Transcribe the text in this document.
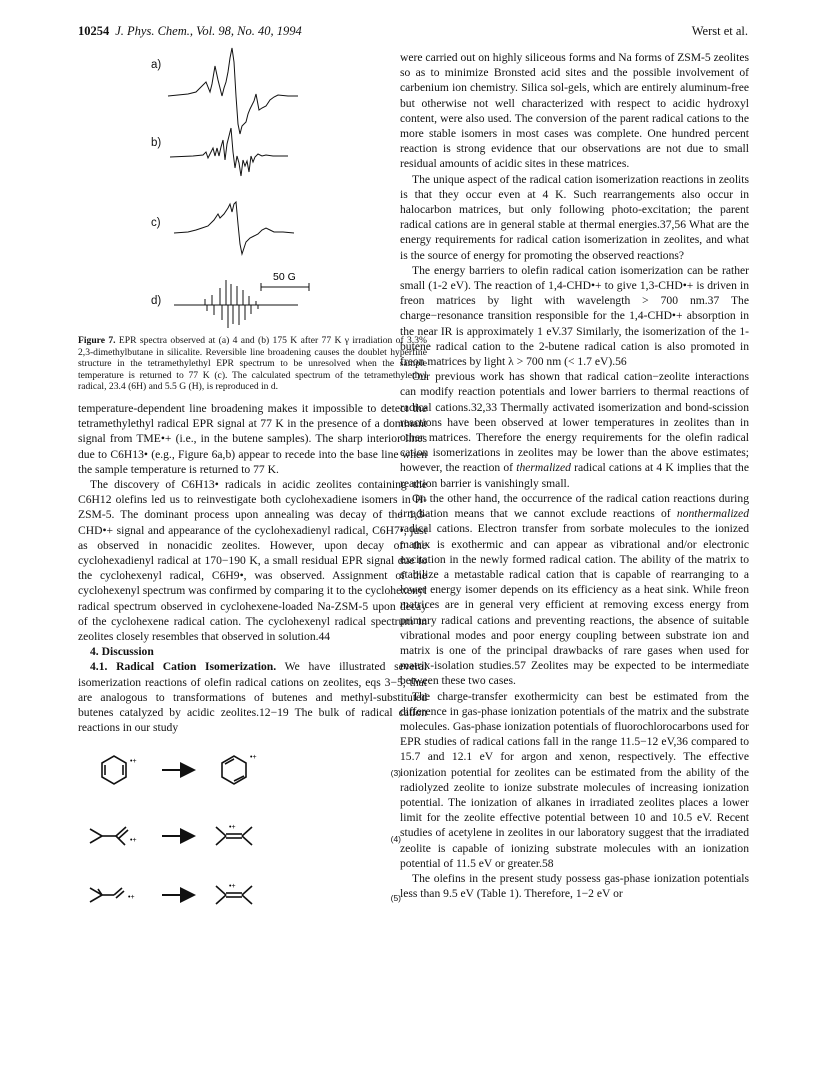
10254 J. Phys. Chem., Vol. 98, No. 40, 1994	Werst et al.
a)
b)
c)
d)
50 G
Figure 7. EPR spectra observed at (a) 4 and (b) 175 K after 77 K γ irradiation of 3.3% 2,3-dimethylbutane in silicalite. Reversible line broadening causes the doublet hyperfine structure in the tetramethylethyl EPR spectrum to be unresolved when the sample temperature is returned to 77 K (c). The calculated spectrum of the tetramethylethyl radical, 23.4 (6H) and 5.5 G (H), is reproduced in d.

temperature-dependent line broadening makes it impossible to detect the tetramethylethyl radical EPR signal at 77 K in the presence of a dominant signal from TME•+ (i.e., in the butene samples). The sharp interior lines due to C6H13• (e.g., Figure 6a,b) appear to recede into the base line when the sample temperature is returned to 77 K.

The discovery of C6H13• radicals in acidic zeolites containing the C6H12 olefins led us to reinvestigate both cyclohexadiene isomers in H-ZSM-5. The dominant process upon annealing was decay of the 1,3-CHD•+ signal and appearance of the cyclohexadienyl radical, C6H7•, just as observed in nonacidic zeolites. However, upon decay of the cyclohexadienyl radical at 170−190 K, a small residual EPR signal due to the cyclohexenyl radical, C6H9•, was observed. Assignment of the cyclohexenyl spectrum was confirmed by comparing it to the cyclohexenyl radical spectrum observed in cyclohexene-loaded Na-ZSM-5 upon decay of the cyclohexene radical cation. The cyclohexenyl radical spectrum in zeolites closely resembles that observed in solution.44

4. Discussion

4.1. Radical Cation Isomerization. We have illustrated several isomerization reactions of olefin radical cations on zeolites, eqs 3−5, that are analogous to transformations of butenes and methyl-substituted butenes catalyzed by acidic zeolites.12−19 The bulk of radical cation reactions in our study

•+
•+
•+
•+
•+
•+
(3)
(4)
(5)

were carried out on highly siliceous forms and Na forms of ZSM-5 zeolites so as to minimize Bronsted acid sites and the possible involvement of carbenium ion chemistry. Silica sol-gels, which are entirely aluminum-free but otherwise not well characterized with respect to acidic hydroxyl content, were also used. The conversion of the parent radical cations to the more stable isomers in most cases was complete. One hundred percent reaction is strong evidence that our observations are not due to small residual amounts of acidic sites in these matrices.

The unique aspect of the radical cation isomerization reactions in zeolits is that they occur even at 4 K. Such rearrangements also occur in halocarbon matrices, but only following photo-excitation; the parent radical cations are in general stable at thermal energies.37,56 What are the energy requirements for radical cation isomerization in zeolites, and what is the source of energy for promoting the observed reactions?

The energy barriers to olefin radical cation isomerization can be rather small (1-2 eV). The reaction of 1,4-CHD•+ to give 1,3-CHD•+ is driven in freon matrices by light with wavelength > 700 nm.37 The charge−resonance transition responsible for the 1,4-CHD•+ absorption in the near IR is approximately 1 eV.37 Similarly, the isomerization of the 1-butene radical cation to the 2-butene radical cation is also promoted in freon matrices by light λ > 700 nm (< 1.7 eV).56

Our previous work has shown that radical cation−zeolite interactions can modify reaction potentials and lower barriers to thermal reactions of radical cations.32,33 Thermally activated isomerization and bond-scission reactions have been observed at lower temperatures in zeolites than in other matrices. Therefore the energy requirements for the olefin radical cation isomerizations in zeolites may be lower than the above estimates; however, the reaction of thermalized radical cations at 4 K implies that the reaction barrier is vanishingly small.

On the other hand, the occurrence of the radical cation reactions during irradiation means that we cannot exclude reactions of nonthermalized radical cations. Electron transfer from sorbate molecules to the ionized matrix is exothermic and can appear as vibrational and/or electronic excitation in the newly formed radical cation. The ability of the matrix to stabilize a metastable radical cation that is capable of rearranging to a lower energy isomer depends on its efficiency as a heat sink. While freon matrices are in general very efficient at removing excess energy from primary radical cations and preventing reactions, the absence of suitable vibrational modes and poor energy coupling between substrate ion and matrix is one of the principal drawbacks of rare gases when used for matrix-isolation studies.57 Zeolites may be expected to be intermediate between these two cases.

The charge-transfer exothermicity can best be estimated from the difference in gas-phase ionization potentials of the matrix and the substrate molecules. Gas-phase ionization potentials of fluorochlorocarbons used for EPR studies of radical cations fall in the range 11.5−12 eV,36 compared to 15.7 and 12.1 eV for argon and xenon, respectively. The effective ionization potential for zeolites can be estimated from the ability of the radiolyzed zeolite to ionize substrate molecules of increasing ionization potential. The ionization of alkanes in irradiated zeolites places a lower limit for the zeolite effective potential between 10 and 10.5 eV. Recent studies of acetylene in zeolites in our laboratory suggest that the irradiated zeolite is capable of ionizing substrate molecules with an ionization potential of 11.5 eV or greater.58

The olefins in the present study possess gas-phase ionization potentials less than 9.5 eV (Table 1). Therefore, 1−2 eV or
